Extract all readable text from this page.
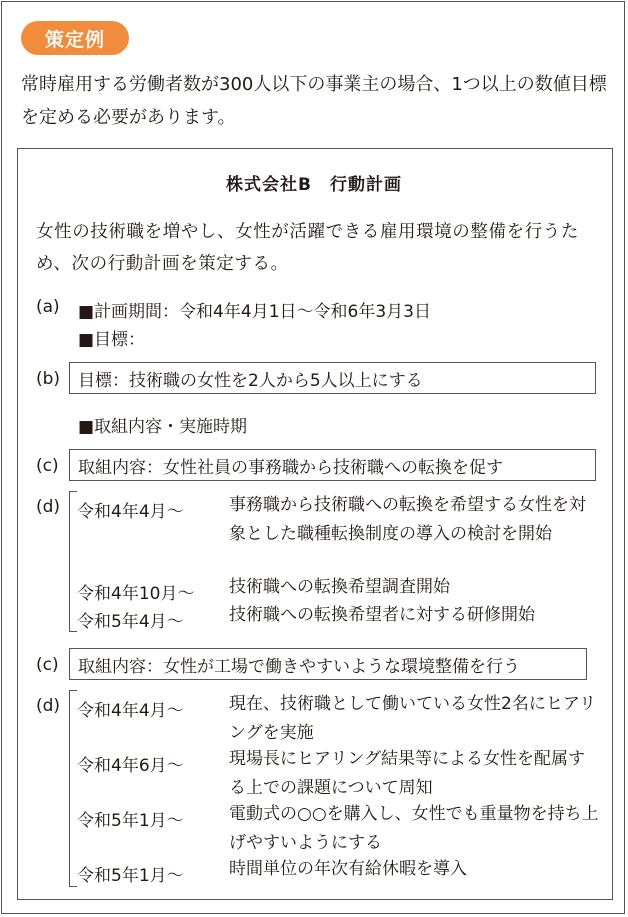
策定例
常時雇用する労働者数が300人以下の事業主の場合、1つ以上の数値目標を定める必要があります。
株式会社B　行動計画
女性の技術職を増やし、女性が活躍できる雇用環境の整備を行うため、次の行動計画を策定する。
(a) ■計画期間：令和4年4月1日～令和6年3月3日
■目標：
(b)	目標：技術職の女性を2人から5人以上にする
■取組内容・実施時期
(c)	取組内容：女性社員の事務職から技術職への転換を促す
(d) 令和4年4月～	事務職から技術職への転換を希望する女性を対象とした職種転換制度の導入の検討を開始
令和4年10月～ 技術職への転換希望調査開始
令和5年4月～	技術職への転換希望者に対する研修開始
(c)	取組内容：女性が工場で働きやすいような環境整備を行う
(d) 令和4年4月～	現在、技術職として働いている女性2名にヒアリングを実施
令和4年6月～	現場長にヒアリング結果等による女性を配属する上での課題について周知
令和5年1月～	電動式の○○を購入し、女性でも重量物を持ち上げやすいようにする
令和5年1月～	時間単位の年次有給休暇を導入
